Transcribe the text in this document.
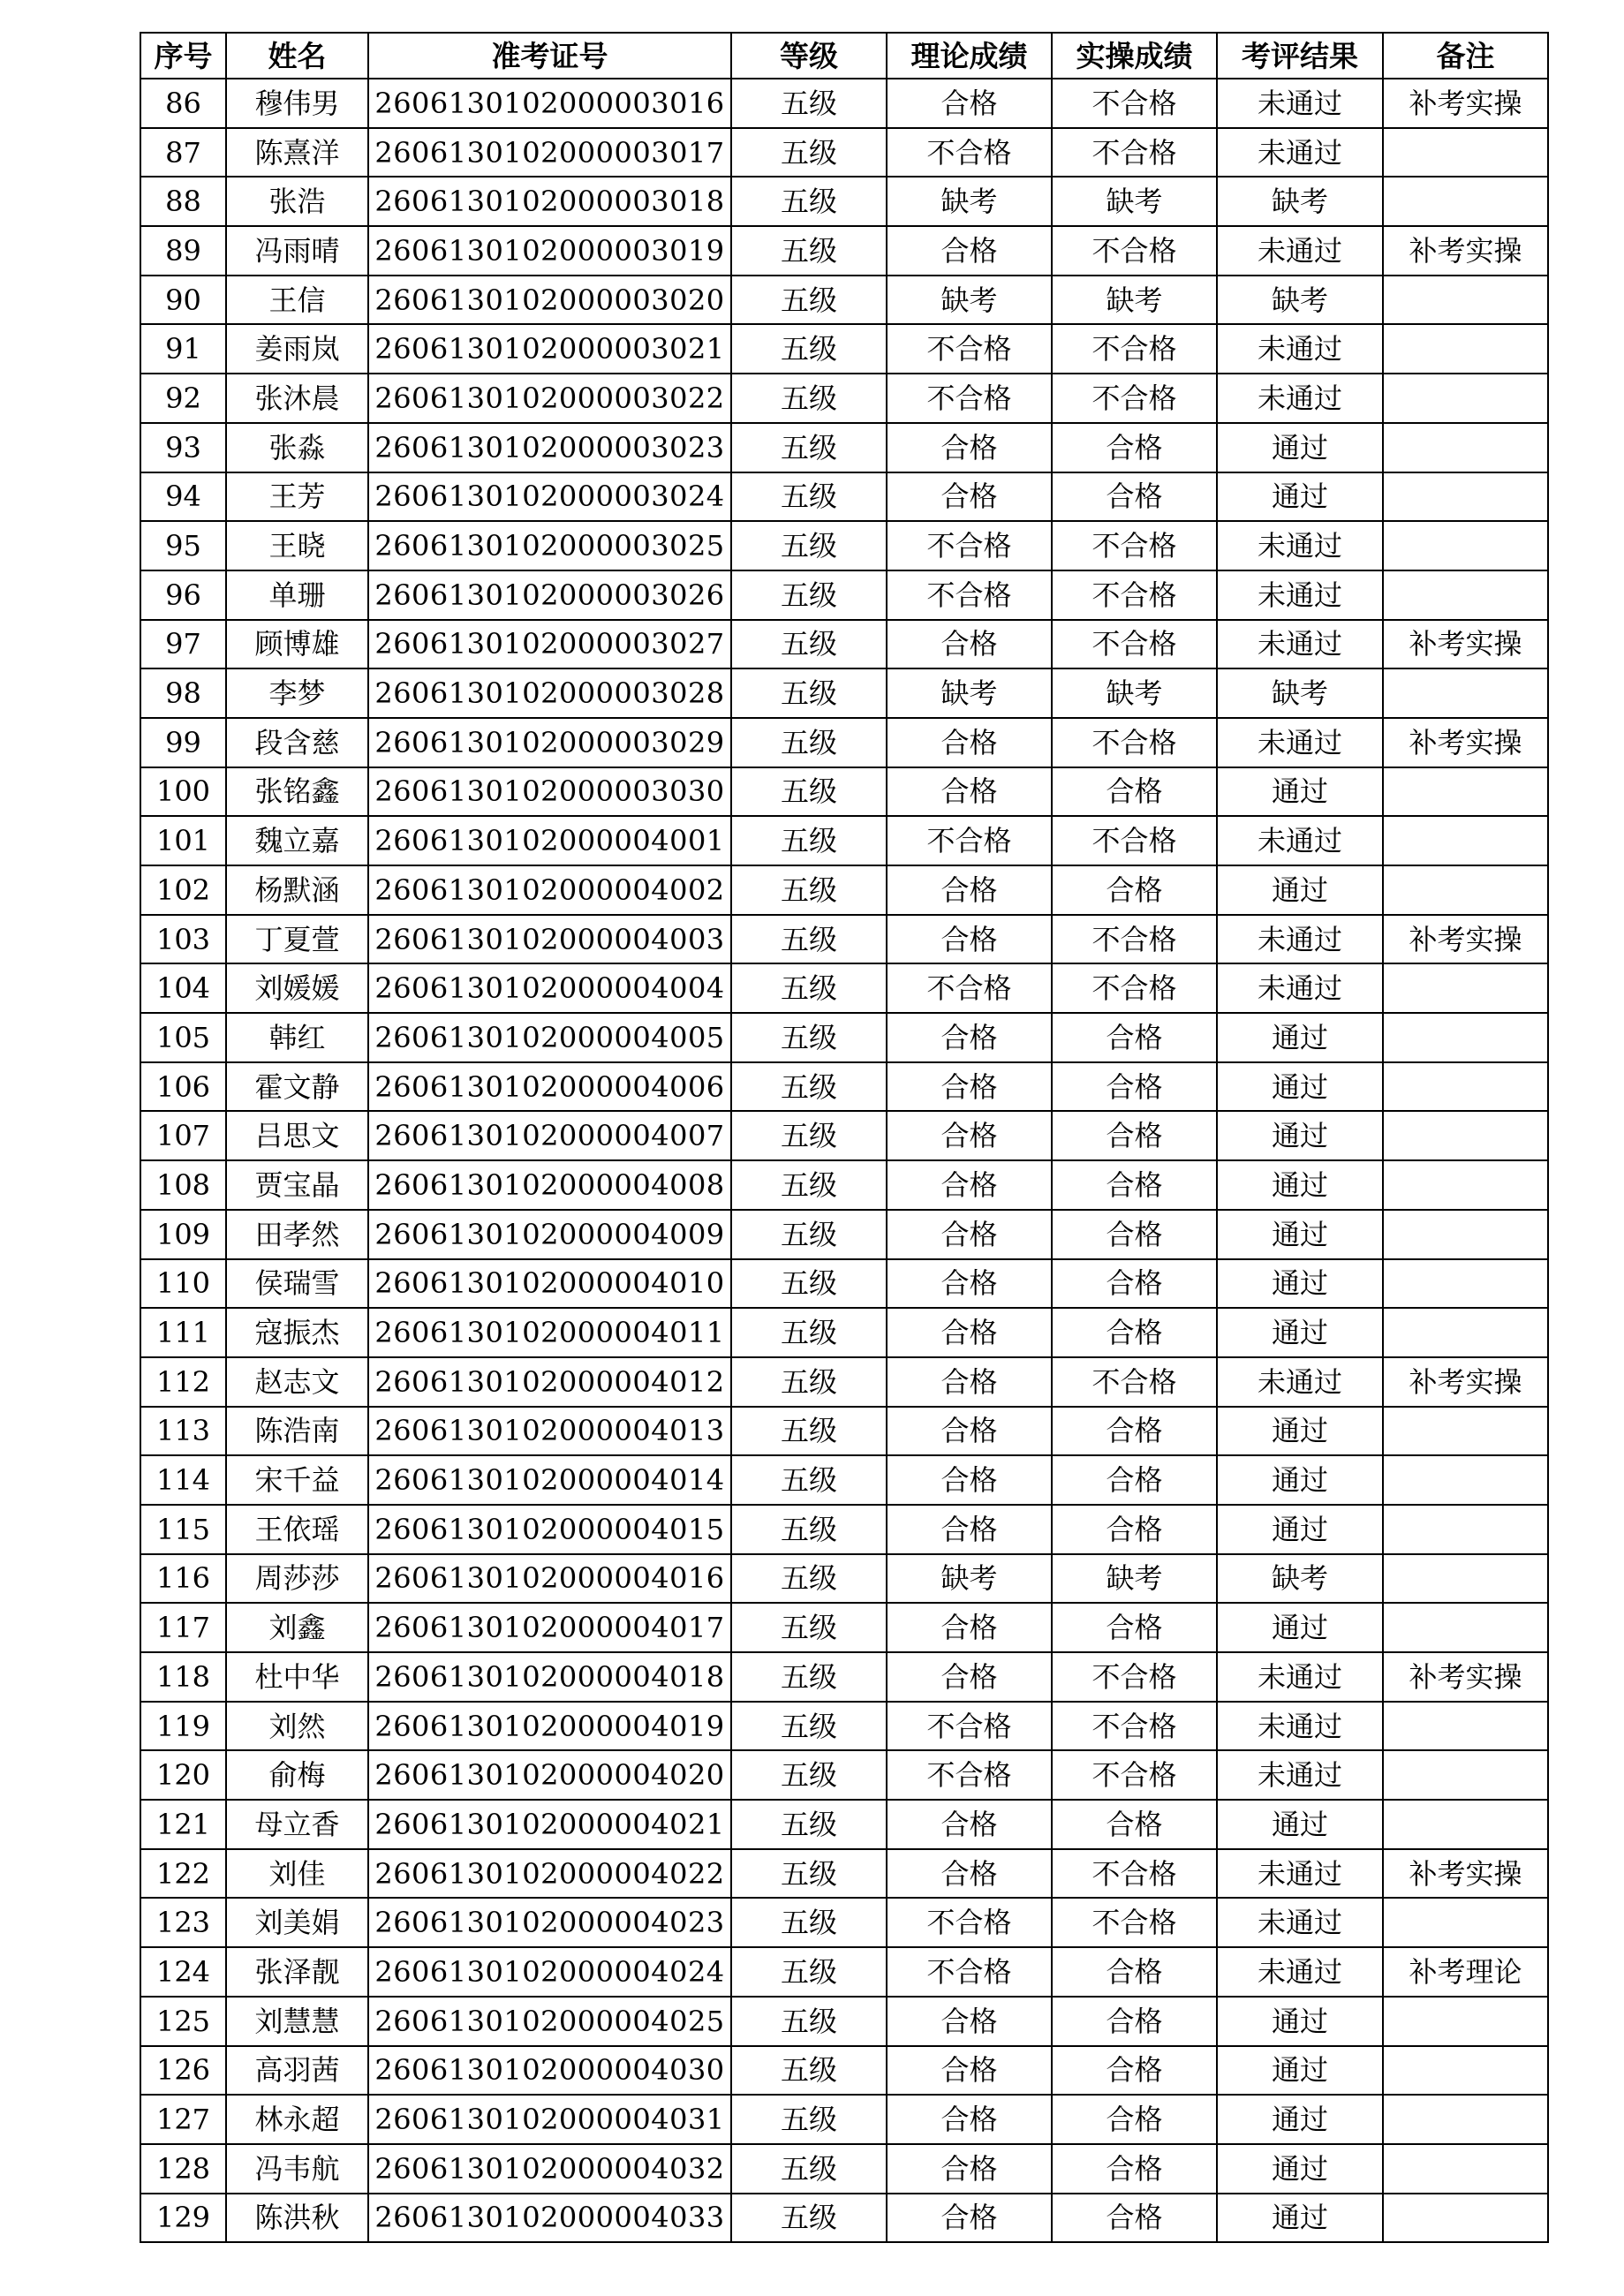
序号	姓名	准考证号	等级	理论成绩	实操成绩	考评结果	备注
86	穆伟男	260613010200000301​6	五级	合格	不合格	未通过	补考实操
87	陈熹洋	2606130102000003017	五级	不合格	不合格	未通过	
88	张浩	2606130102000003018	五级	缺考	缺考	缺考	
89	冯雨晴	2606130102000003019	五级	合格	不合格	未通过	补考实操
90	王信	2606130102000003020	五级	缺考	缺考	缺考	
91	姜雨岚	2606130102000003021	五级	不合格	不合格	未通过	
92	张沐晨	2606130102000003022	五级	不合格	不合格	未通过	
93	张淼	2606130102000003023	五级	合格	合格	通过	
94	王芳	2606130102000003024	五级	合格	合格	通过	
95	王晓	2606130102000003025	五级	不合格	不合格	未通过	
96	单珊	2606130102000003026	五级	不合格	不合格	未通过	
97	顾博雄	2606130102000003027	五级	合格	不合格	未通过	补考实操
98	李梦	2606130102000003028	五级	缺考	缺考	缺考	
99	段含慈	2606130102000003029	五级	合格	不合格	未通过	补考实操
100	张铭鑫	2606130102000003030	五级	合格	合格	通过	
101	魏立嘉	2606130102000004001	五级	不合格	不合格	未通过	
102	杨默涵	2606130102000004002	五级	合格	合格	通过	
103	丁夏萱	2606130102000004003	五级	合格	不合格	未通过	补考实操
104	刘媛媛	2606130102000004004	五级	不合格	不合格	未通过	
105	韩红	2606130102000004005	五级	合格	合格	通过	
106	霍文静	2606130102000004006	五级	合格	合格	通过	
107	吕思文	2606130102000004007	五级	合格	合格	通过	
108	贾宝晶	2606130102000004008	五级	合格	合格	通过	
109	田孝然	2606130102000004009	五级	合格	合格	通过	
110	侯瑞雪	2606130102000004010	五级	合格	合格	通过	
111	寇振杰	2606130102000004011	五级	合格	合格	通过	
112	赵志文	2606130102000004012	五级	合格	不合格	未通过	补考实操
113	陈浩南	2606130102000004013	五级	合格	合格	通过	
114	宋千益	2606130102000004014	五级	合格	合格	通过	
115	王依瑶	2606130102000004015	五级	合格	合格	通过	
116	周莎莎	2606130102000004016	五级	缺考	缺考	缺考	
117	刘鑫	2606130102000004017	五级	合格	合格	通过	
118	杜中华	2606130102000004018	五级	合格	不合格	未通过	补考实操
119	刘然	2606130102000004019	五级	不合格	不合格	未通过	
120	俞梅	2606130102000004020	五级	不合格	不合格	未通过	
121	母立香	2606130102000004021	五级	合格	合格	通过	
122	刘佳	2606130102000004022	五级	合格	不合格	未通过	补考实操
123	刘美娟	2606130102000004023	五级	不合格	不合格	未通过	
124	张泽靓	2606130102000004024	五级	不合格	合格	未通过	补考理论
125	刘慧慧	2606130102000004025	五级	合格	合格	通过	
126	高羽茜	2606130102000004030	五级	合格	合格	通过	
127	林永超	2606130102000004031	五级	合格	合格	通过	
128	冯韦航	2606130102000004032	五级	合格	合格	通过	
129	陈洪秋	2606130102000004033	五级	合格	合格	通过	
